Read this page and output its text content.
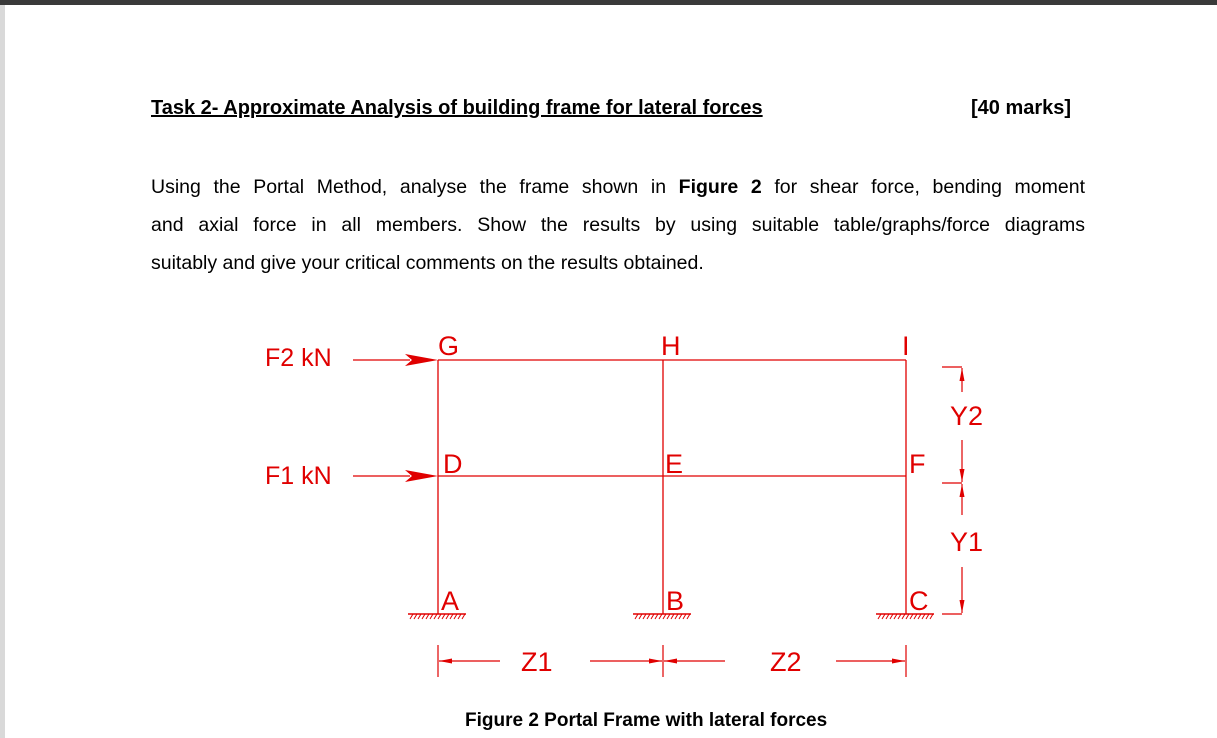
Task 2- Approximate Analysis of building frame for lateral forces	[40 marks]
Using the Portal Method, analyse the frame shown in Figure 2 for shear force, bending moment
and axial force in all members. Show the results by using suitable table/graphs/force diagrams
suitably and give your critical comments on the results obtained.
F2 kN
F1 kN
G	H	I
D	E	F
A	B	C
Z1	Z2
Y2
Y1
Figure 2 Portal Frame with lateral forces
